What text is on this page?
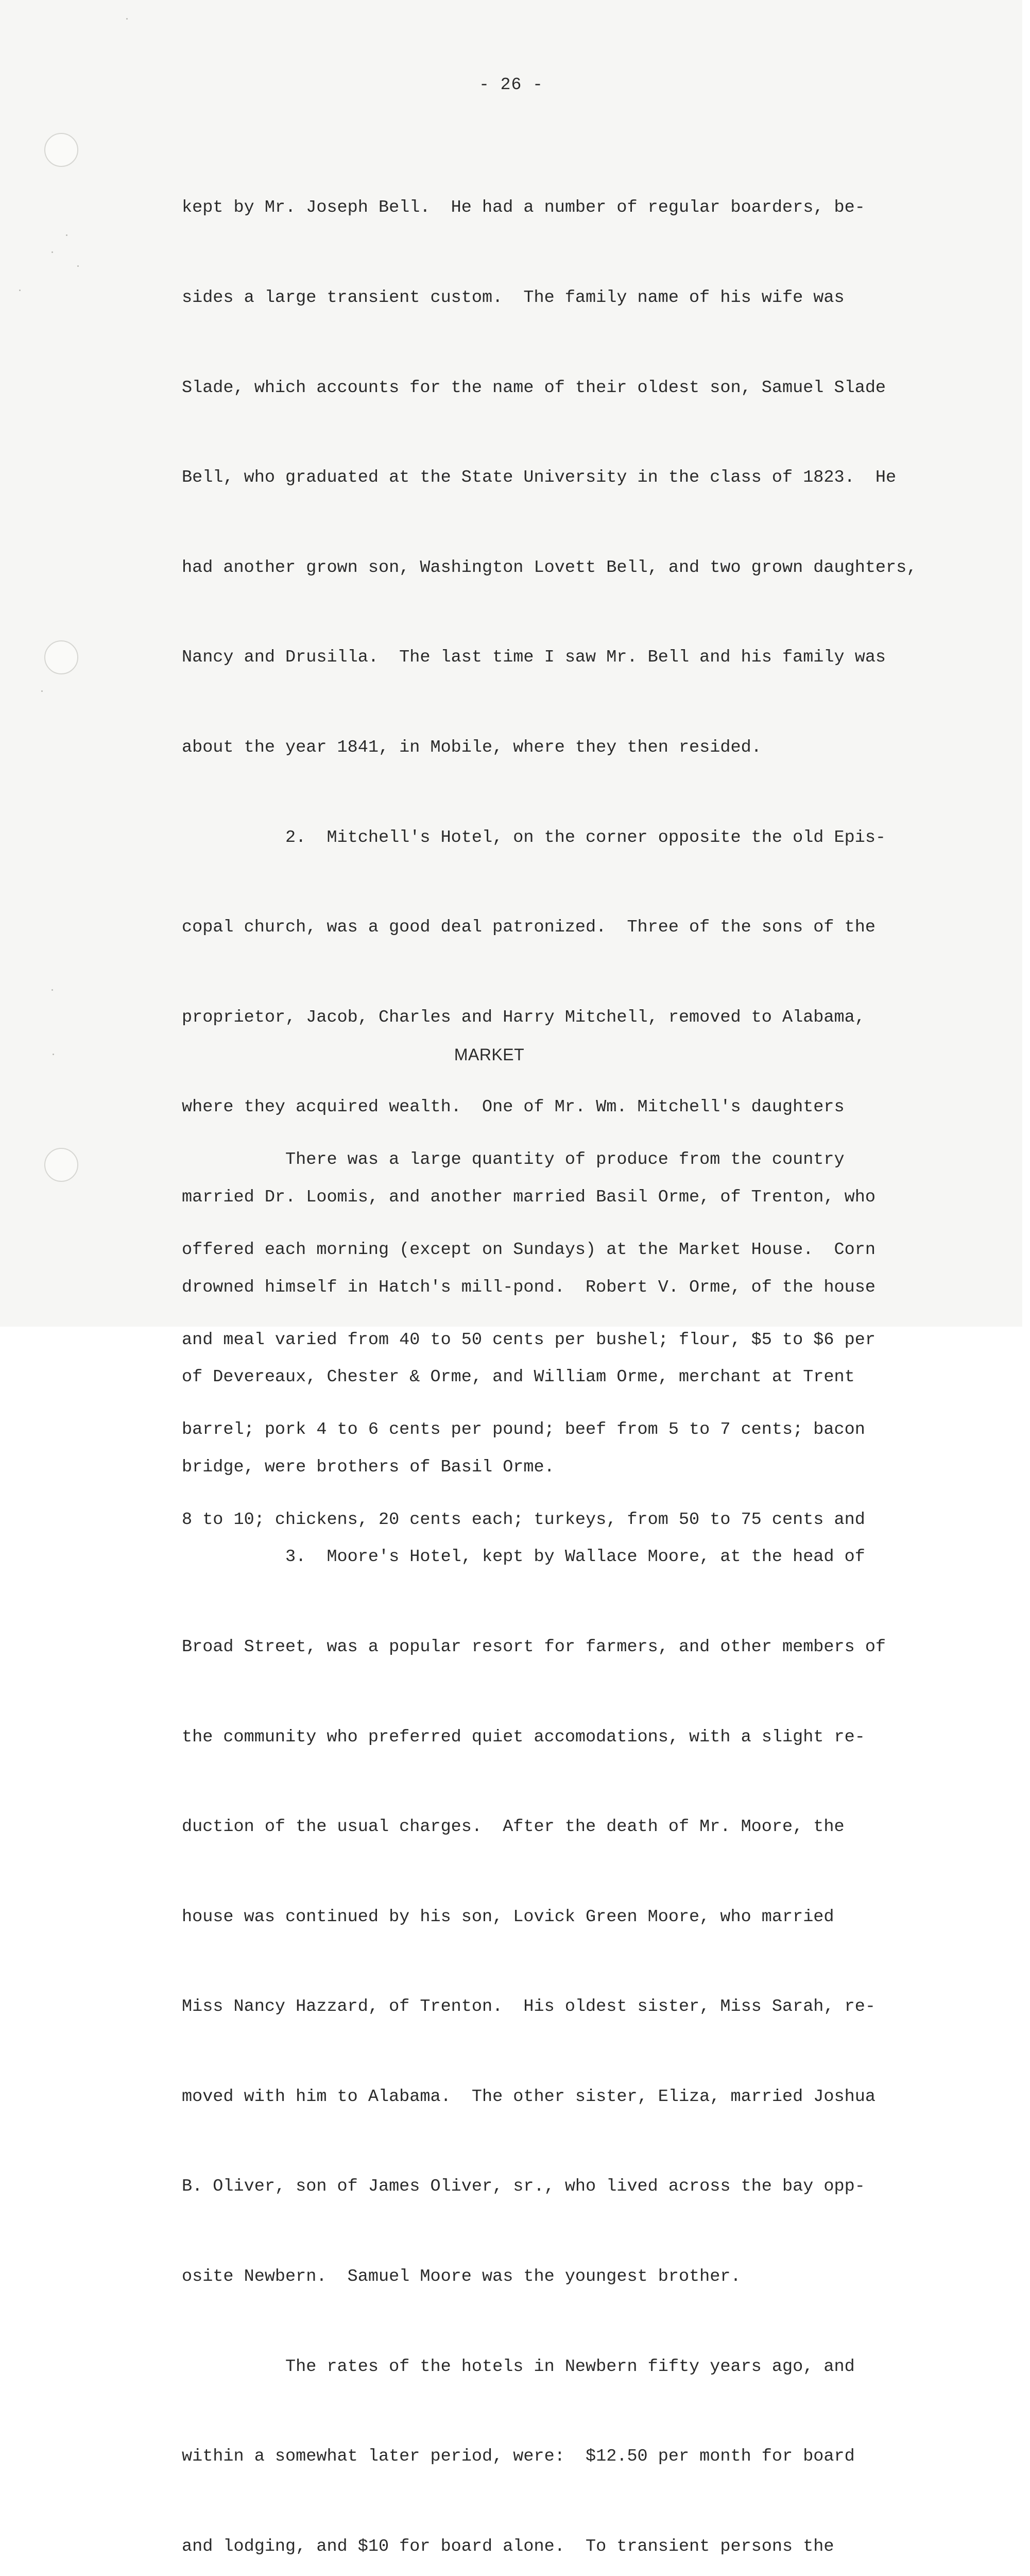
- 26 -

kept by Mr. Joseph Bell.  He had a number of regular boarders, be-

sides a large transient custom.  The family name of his wife was

Slade, which accounts for the name of their oldest son, Samuel Slade

Bell, who graduated at the State University in the class of 1823.  He

had another grown son, Washington Lovett Bell, and two grown daughters,

Nancy and Drusilla.  The last time I saw Mr. Bell and his family was

about the year 1841, in Mobile, where they then resided.

2.  Mitchell's Hotel, on the corner opposite the old Epis-

copal church, was a good deal patronized.  Three of the sons of the

proprietor, Jacob, Charles and Harry Mitchell, removed to Alabama,

where they acquired wealth.  One of Mr. Wm. Mitchell's daughters

married Dr. Loomis, and another married Basil Orme, of Trenton, who

drowned himself in Hatch's mill-pond.  Robert V. Orme, of the house

of Devereaux, Chester & Orme, and William Orme, merchant at Trent

bridge, were brothers of Basil Orme.

3.  Moore's Hotel, kept by Wallace Moore, at the head of

Broad Street, was a popular resort for farmers, and other members of

the community who preferred quiet accomodations, with a slight re-

duction of the usual charges.  After the death of Mr. Moore, the

house was continued by his son, Lovick Green Moore, who married

Miss Nancy Hazzard, of Trenton.  His oldest sister, Miss Sarah, re-

moved with him to Alabama.  The other sister, Eliza, married Joshua

B. Oliver, son of James Oliver, sr., who lived across the bay opp-

osite Newbern.  Samuel Moore was the youngest brother.

The rates of the hotels in Newbern fifty years ago, and

within a somewhat later period, were:  $12.50 per month for board

and lodging, and $10 for board alone.  To transient persons the

MARKET

There was a large quantity of produce from the country

offered each morning (except on Sundays) at the Market House.  Corn

and meal varied from 40 to 50 cents per bushel; flour, $5 to $6 per

barrel; pork 4 to 6 cents per pound; beef from 5 to 7 cents; bacon

8 to 10; chickens, 20 cents each; turkeys, from 50 to 75 cents and
